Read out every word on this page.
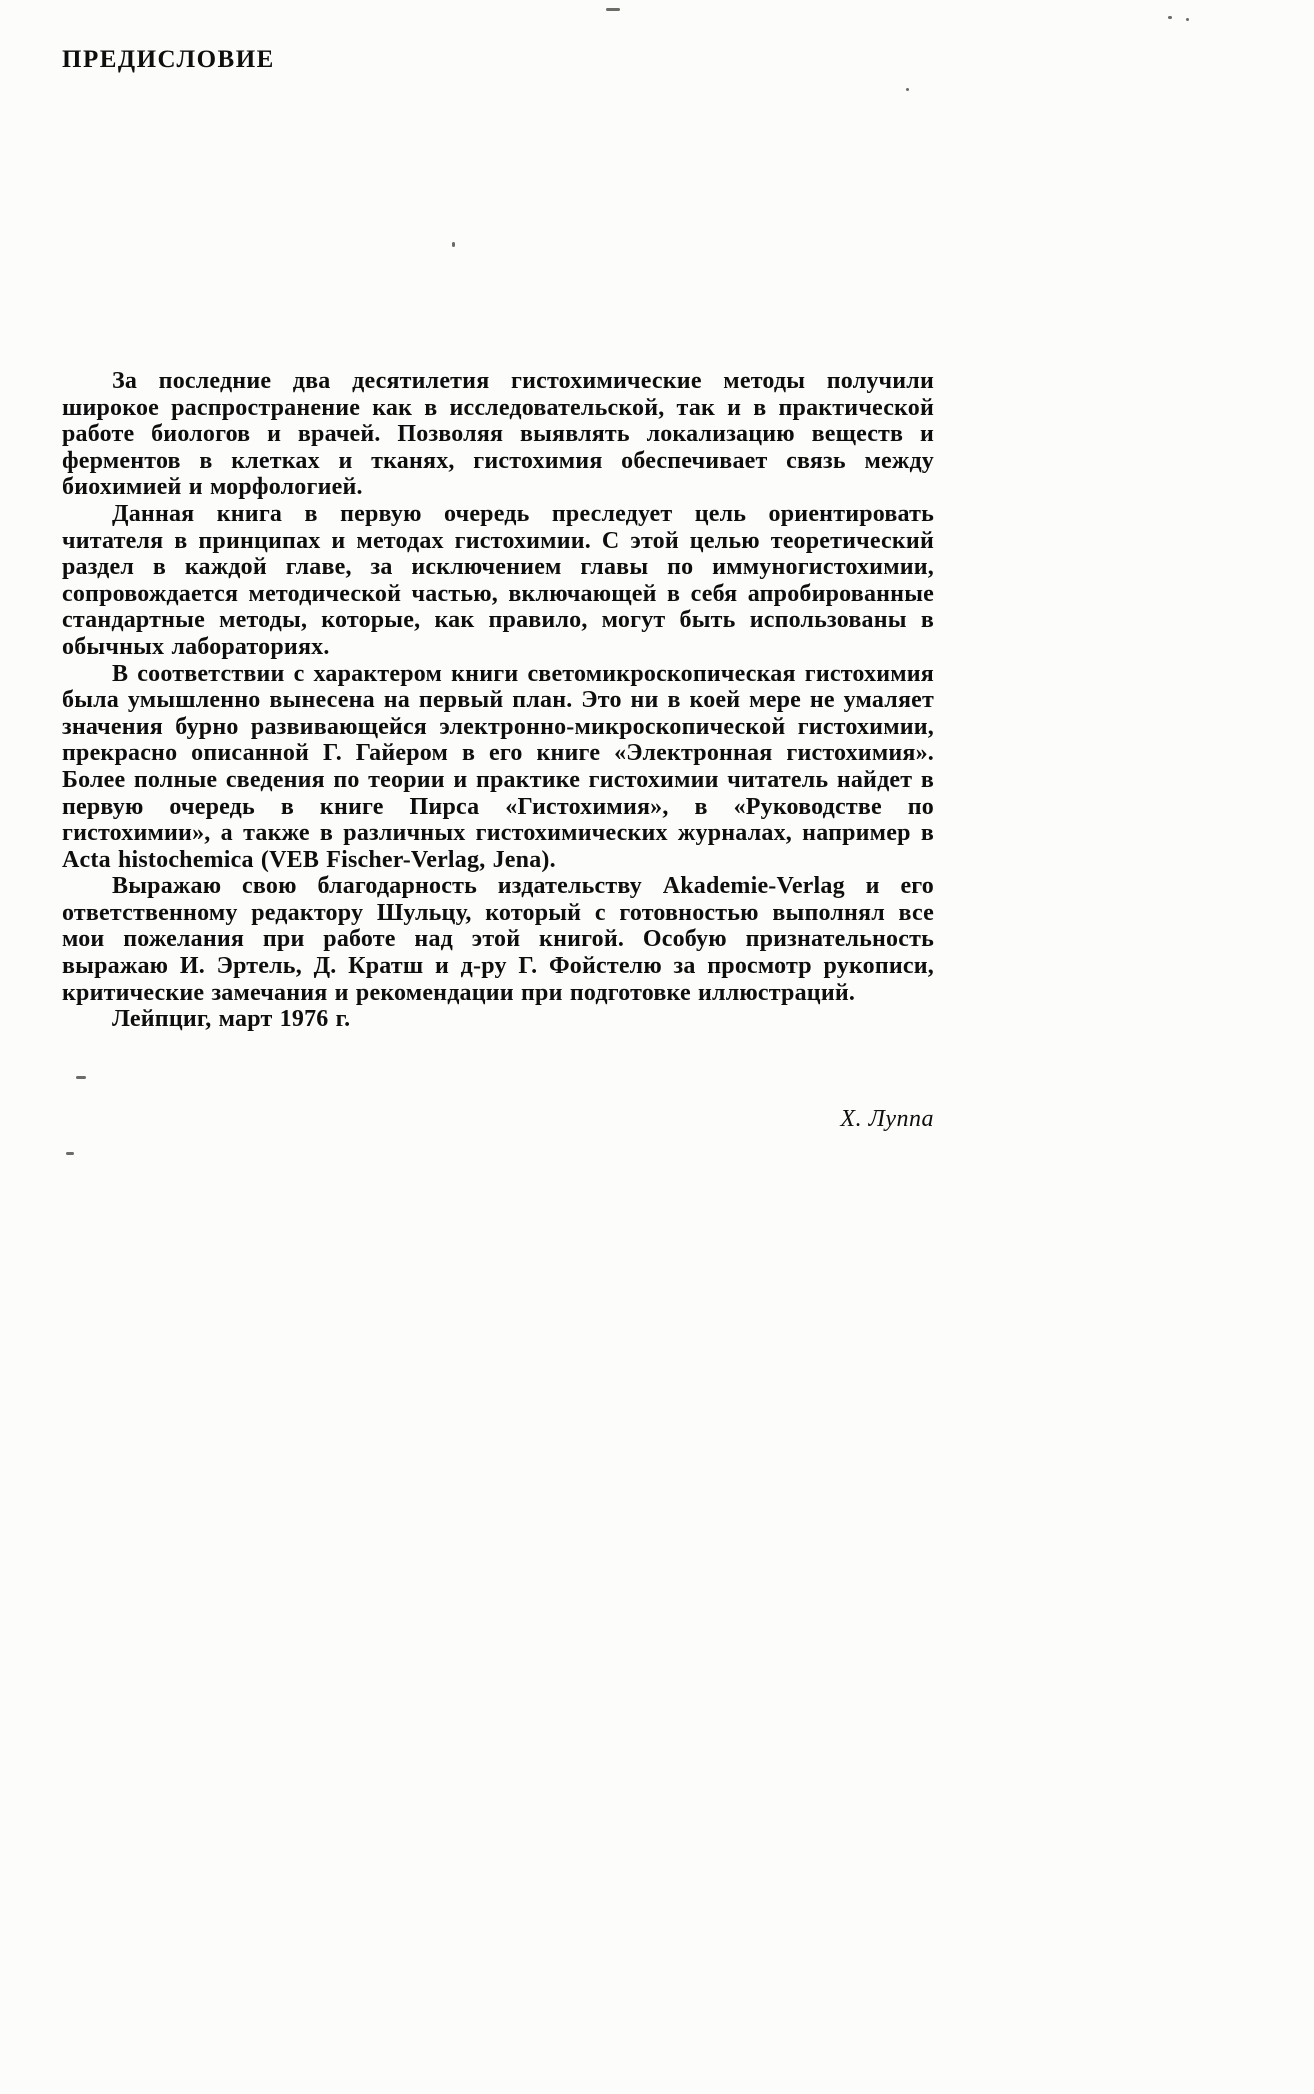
ПРЕДИСЛОВИЕ

За последние два десятилетия гистохимические методы получили широкое распространение как в исследовательской, так и в практической работе биологов и врачей. Позволяя выявлять локализацию веществ и ферментов в клетках и тканях, гистохимия обеспечивает связь между биохимией и морфологией.

Данная книга в первую очередь преследует цель ориентировать читателя в принципах и методах гистохимии. С этой целью теоретический раздел в каждой главе, за исключением главы по иммуногистохимии, сопровождается методической частью, включающей в себя апробированные стандартные методы, которые, как правило, могут быть использованы в обычных лабораториях.

В соответствии с характером книги светомикроскопическая гистохимия была умышленно вынесена на первый план. Это ни в коей мере не умаляет значения бурно развивающейся электронно-микроскопической гистохимии, прекрасно описанной Г. Гайером в его книге «Электронная гистохимия». Более полные сведения по теории и практике гистохимии читатель найдет в первую очередь в книге Пирса «Гистохимия», в «Руководстве по гистохимии», а также в различных гистохимических журналах, например в Acta histochemica (VEB Fischer-Verlag, Jena).

Выражаю свою благодарность издательству Akademie-Verlag и его ответственному редактору Шульцу, который с готовностью выполнял все мои пожелания при работе над этой книгой. Особую признательность выражаю И. Эртель, Д. Кратш и д-ру Г. Фойстелю за просмотр рукописи, критические замечания и рекомендации при подготовке иллюстраций.

Лейпциг, март 1976 г.

Х. Луппа
